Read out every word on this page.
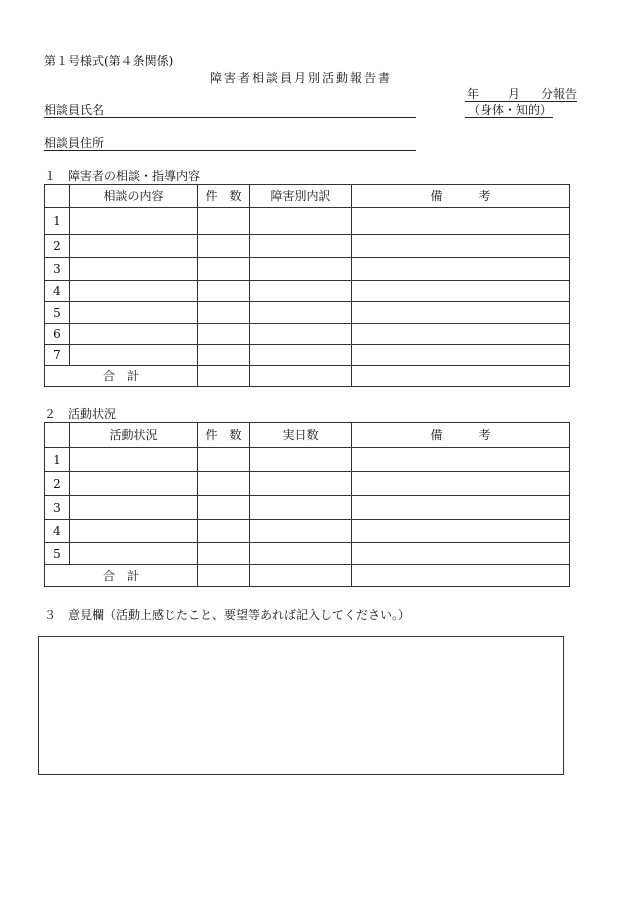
第１号様式(第４条関係)
障害者相談員月別活動報告書
年 月 分報告
（身体・知的）
相談員氏名
相談員住所
１　障害者の相談・指導内容
	相談の内容	件　数	障害別内訳	備　　　考
1				
2				
3				
4				
5				
6				
7				
合　計				
２　活動状況
	活動状況	件　数	実日数	備　　　考
1				
2				
3				
4				
5				
合　計				
３　意見欄（活動上感じたこと、要望等あれば記入してください。）
